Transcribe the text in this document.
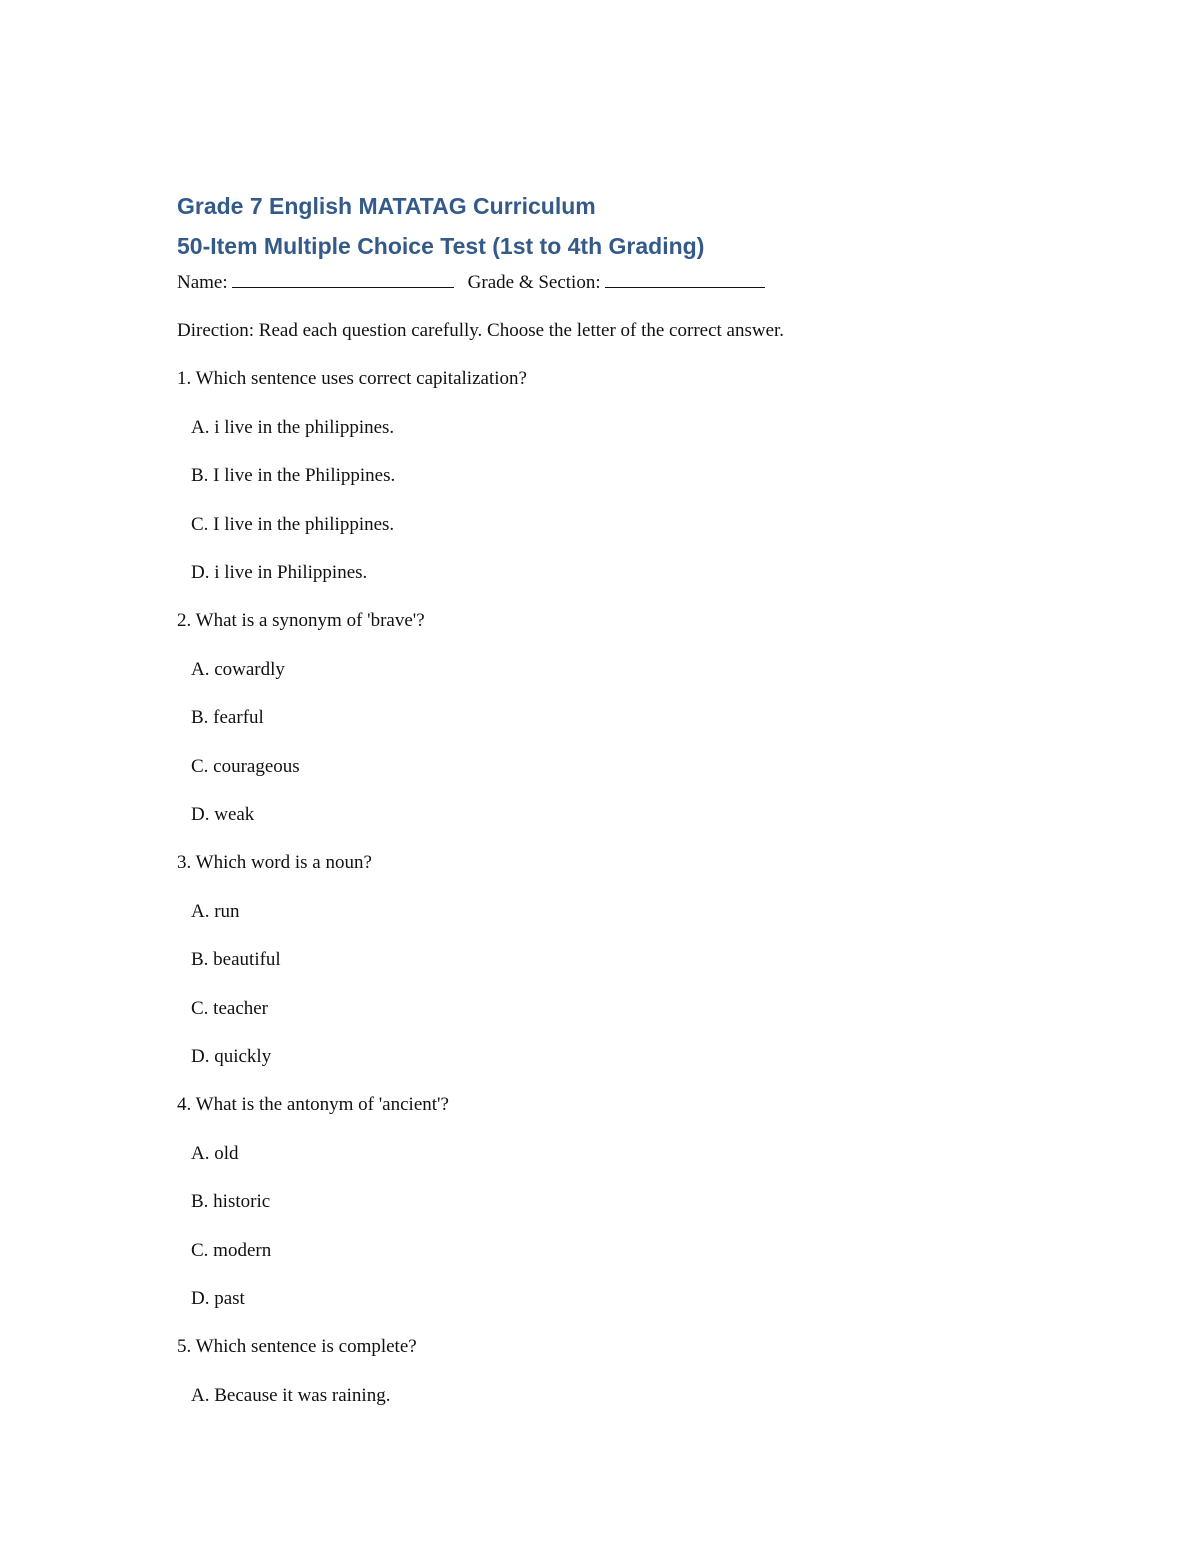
Grade 7 English MATATAG Curriculum
50-Item Multiple Choice Test (1st to 4th Grading)
Name:	Grade & Section:
Direction: Read each question carefully. Choose the letter of the correct answer.
1. Which sentence uses correct capitalization?
A. i live in the philippines.
B. I live in the Philippines.
C. I live in the philippines.
D. i live in Philippines.
2. What is a synonym of 'brave'?
A. cowardly
B. fearful
C. courageous
D. weak
3. Which word is a noun?
A. run
B. beautiful
C. teacher
D. quickly
4. What is the antonym of 'ancient'?
A. old
B. historic
C. modern
D. past
5. Which sentence is complete?
A. Because it was raining.
